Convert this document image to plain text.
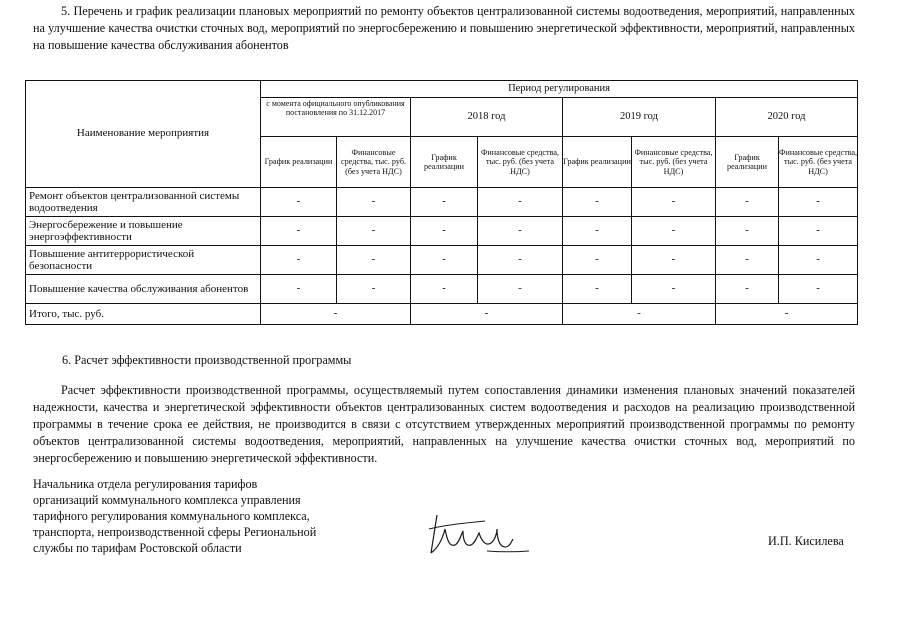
5. Перечень и график реализации плановых мероприятий по ремонту объектов централизованной системы водоотведения, мероприятий, направленных на улучшение качества очистки сточных вод, мероприятий по энергосбережению и повышению энергетической эффективности, мероприятий, направленных на повышение качества обслуживания абонентов
Наименование мероприятия	Период регулирования							
	с момента официального опубликования постановления по 31.12.2017		2018 год		2019 год		2020 год	
	График реализации	Финансовые средства, тыс. руб. (без учета НДС)	График реализации	Финансовые средства, тыс. руб. (без учета НДС)	График реализации	Финансовые средства, тыс. руб. (без учета НДС)	График реализации	Финансовые средства, тыс. руб. (без учета НДС)
Ремонт объектов централизованной системы водоотведения	-	-	-	-	-	-	-	-
Энергосбережение и повышение энергоэффективности	-	-	-	-	-	-	-	-
Повышение антитеррористической безопасности	-	-	-	-	-	-	-	-
Повышение качества обслуживания абонентов	-	-	-	-	-	-	-	-
Итого, тыс. руб.	-		-		-		-	
6. Расчет эффективности производственной программы
Расчет эффективности производственной программы, осуществляемый путем сопоставления динамики изменения плановых значений показателей надежности, качества и энергетической эффективности объектов централизованных систем водоотведения и расходов на реализацию производственной программы в течение срока ее действия, не производится в связи с отсутствием утвержденных мероприятий производственной программы по ремонту объектов централизованной системы водоотведения, мероприятий, направленных на улучшение качества очистки сточных вод, мероприятий по энергосбережению и повышению энергетической эффективности.
Начальника отдела регулирования тарифов
организаций коммунального комплекса управления
тарифного регулирования коммунального комплекса,
транспорта, непроизводственной сферы Региональной
службы по тарифам Ростовской области	И.П. Кисилева
